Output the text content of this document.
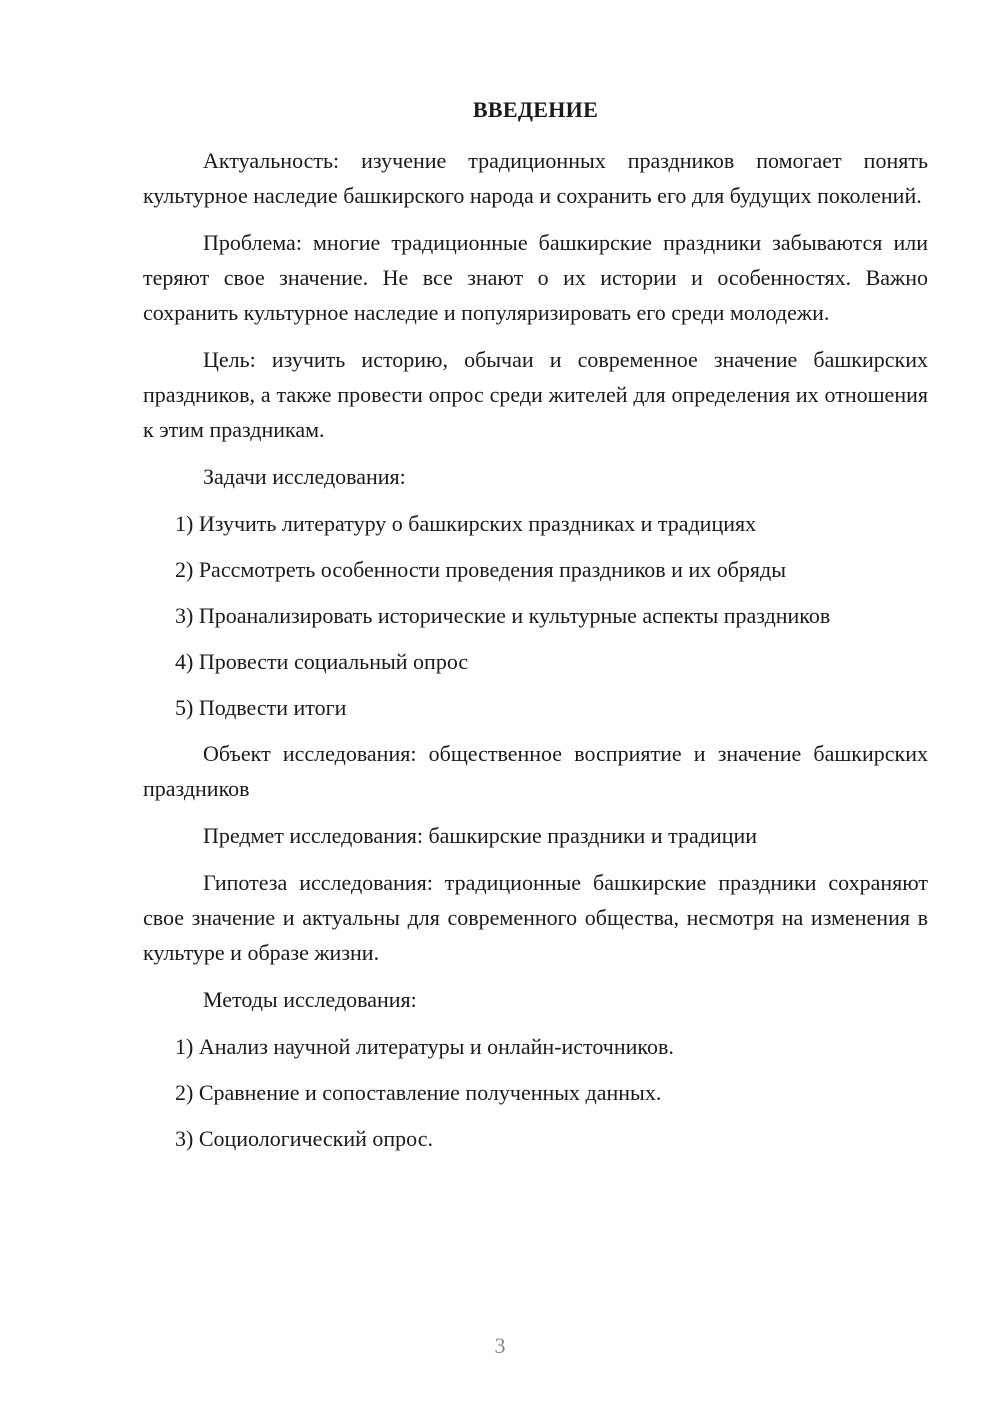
ВВЕДЕНИЕ

Актуальность: изучение традиционных праздников помогает понять культурное наследие башкирского народа и сохранить его для будущих поколений.

Проблема: многие традиционные башкирские праздники забываются или теряют свое значение. Не все знают о их истории и особенностях. Важно сохранить культурное наследие и популяризировать его среди молодежи.

Цель: изучить историю, обычаи и современное значение башкирских праздников, а также провести опрос среди жителей для определения их отношения к этим праздникам.

Задачи исследования:

1) Изучить литературу о башкирских праздниках и традициях
2) Рассмотреть особенности проведения праздников и их обряды
3) Проанализировать исторические и культурные аспекты праздников
4) Провести социальный опрос
5) Подвести итоги

Объект исследования: общественное восприятие и значение башкирских праздников

Предмет исследования: башкирские праздники и традиции

Гипотеза исследования: традиционные башкирские праздники сохраняют свое значение и актуальны для современного общества, несмотря на изменения в культуре и образе жизни.

Методы исследования:

1) Анализ научной литературы и онлайн-источников.
2) Сравнение и сопоставление полученных данных.
3) Социологический опрос.
3
